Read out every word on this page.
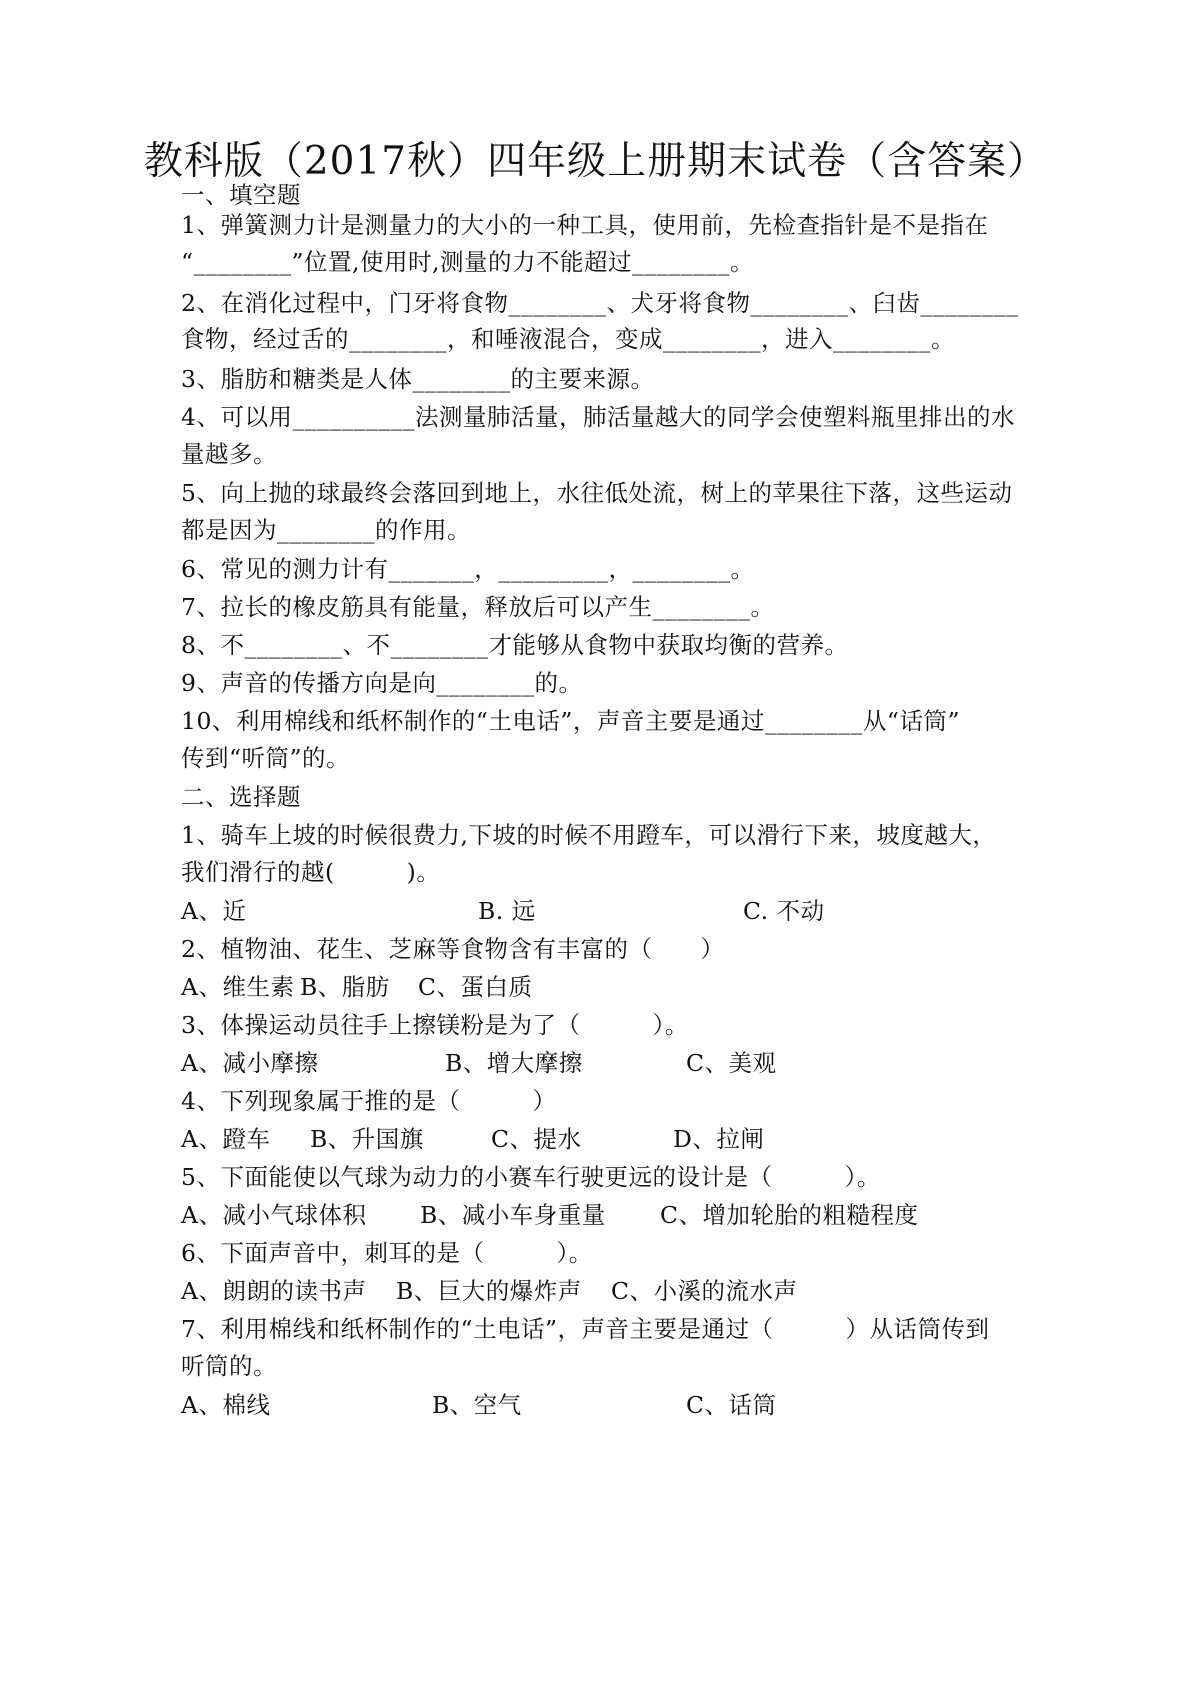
教科版（2017秋）四年级上册期末试卷（含答案）
一、填空题
1、弹簧测力计是测量力的大小的一种工具，使用前，先检查指针是不是指在
“________”位置,使用时,测量的力不能超过________。
2、在消化过程中，门牙将食物________、犬牙将食物________、臼齿________
食物，经过舌的________，和唾液混合，变成________，进入________。
3、脂肪和糖类是人体________的主要来源。
4、可以用__________法测量肺活量，肺活量越大的同学会使塑料瓶里排出的水
量越多。
5、向上抛的球最终会落回到地上，水往低处流，树上的苹果往下落，这些运动
都是因为________的作用。
6、常见的测力计有_______，_________，________。
7、拉长的橡皮筋具有能量，释放后可以产生________。
8、不________、不________才能够从食物中获取均衡的营养。
9、声音的传播方向是向________的。
10、利用棉线和纸杯制作的“土电话”，声音主要是通过________从“话筒”
传到“听筒”的。
二、选择题
1、骑车上坡的时候很费力,下坡的时候不用蹬车，可以滑行下来，坡度越大，
我们滑行的越(　　　)。
A、近	B. 远	C. 不动
2、植物油、花生、芝麻等食物含有丰富的（　　）
A、维生素 B、脂肪 C、蛋白质
3、体操运动员往手上擦镁粉是为了（　　　）。
A、减小摩擦	B、增大摩擦	C、美观
4、下列现象属于推的是（　　　）
A、蹬车 B、升国旗	C、提水	D、拉闸
5、下面能使以气球为动力的小赛车行驶更远的设计是（　　　）。
A、减小气球体积 B、减小车身重量 C、增加轮胎的粗糙程度
6、下面声音中，刺耳的是（　　　）。
A、朗朗的读书声 B、巨大的爆炸声 C、小溪的流水声
7、利用棉线和纸杯制作的“土电话”，声音主要是通过（　　　）从话筒传到
听筒的。
A、棉线	B、空气	C、话筒
